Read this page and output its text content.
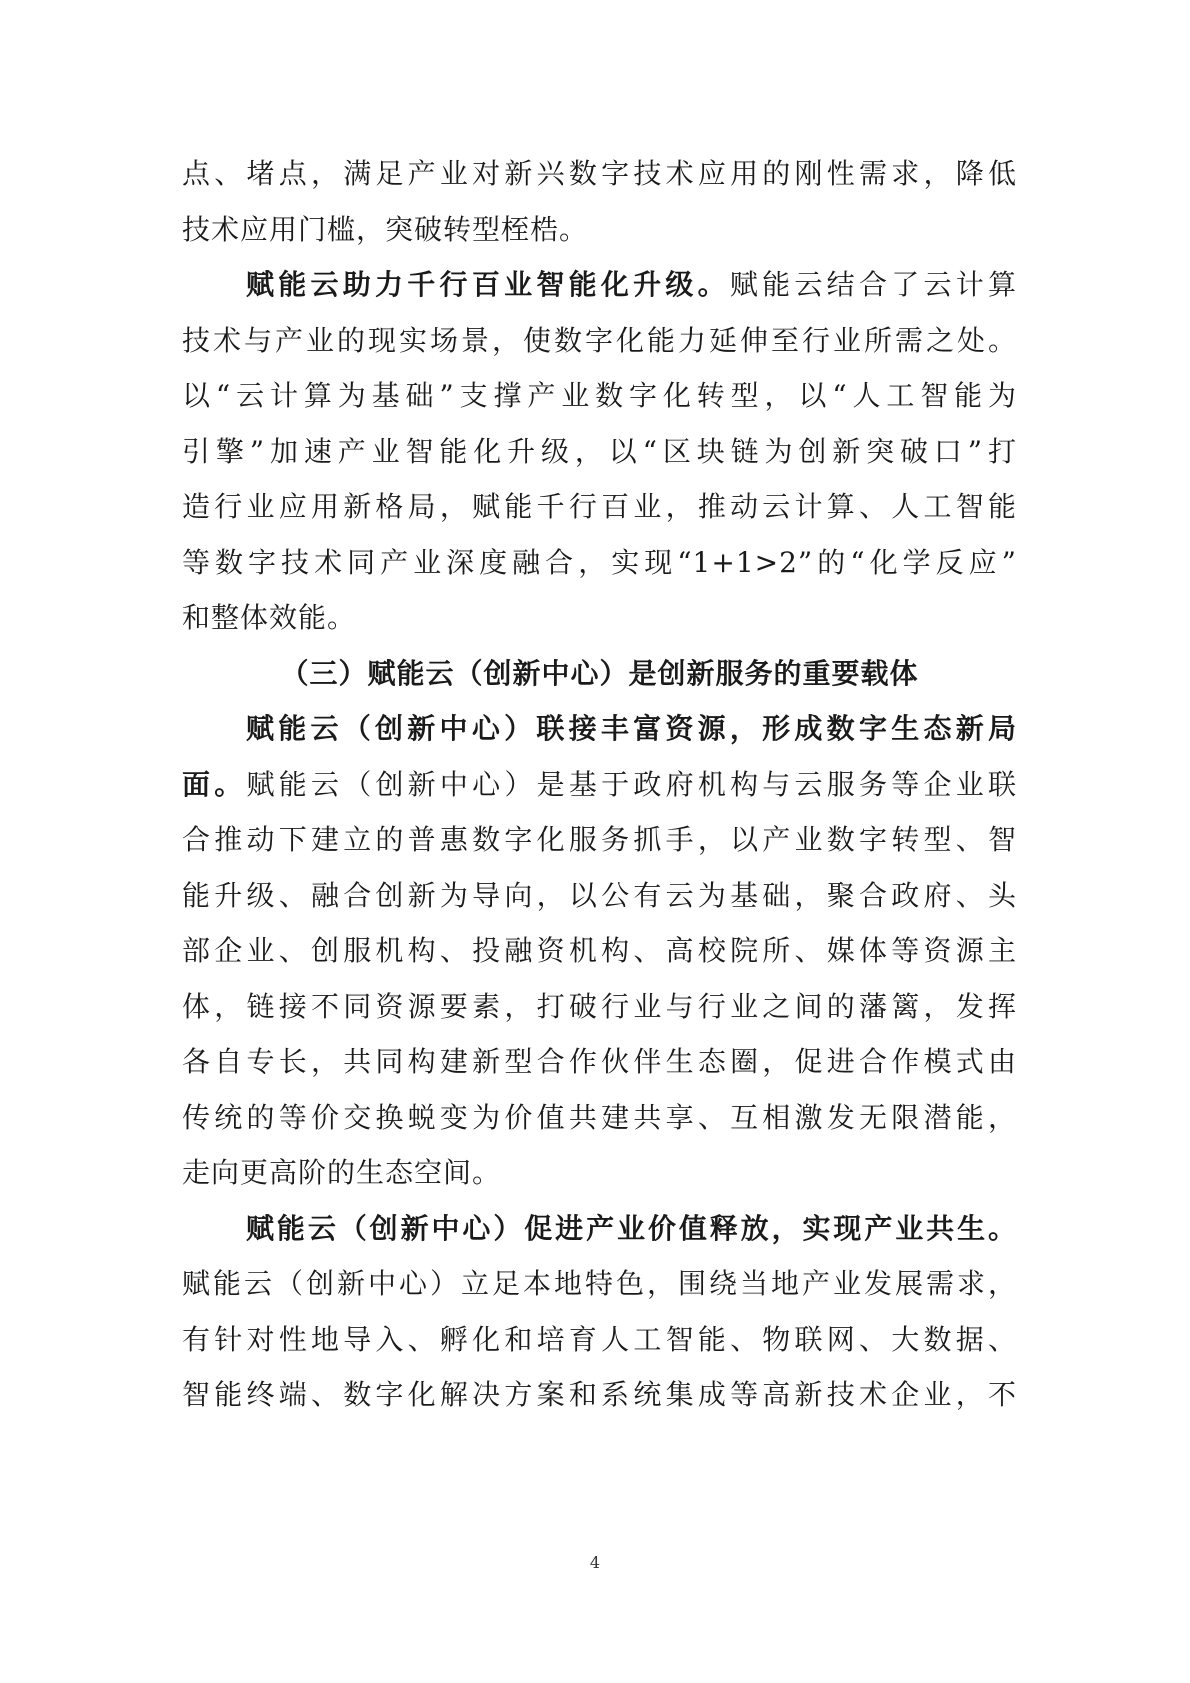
点、堵点，满足产业对新兴数字技术应用的刚性需求，降低
技术应用门槛，突破转型桎梏。
赋能云助力千行百业智能化升级。赋能云结合了云计算
技术与产业的现实场景，使数字化能力延伸至行业所需之处。
以“云计算为基础”支撑产业数字化转型，以“人工智能为
引擎”加速产业智能化升级，以“区块链为创新突破口”打
造行业应用新格局，赋能千行百业，推动云计算、人工智能
等数字技术同产业深度融合，实现“1+1>2”的“化学反应”
和整体效能。
（三）赋能云（创新中心）是创新服务的重要载体
赋能云（创新中心）联接丰富资源，形成数字生态新局
面。赋能云（创新中心）是基于政府机构与云服务等企业联
合推动下建立的普惠数字化服务抓手，以产业数字转型、智
能升级、融合创新为导向，以公有云为基础，聚合政府、头
部企业、创服机构、投融资机构、高校院所、媒体等资源主
体，链接不同资源要素，打破行业与行业之间的藩篱，发挥
各自专长，共同构建新型合作伙伴生态圈，促进合作模式由
传统的等价交换蜕变为价值共建共享、互相激发无限潜能，
走向更高阶的生态空间。
赋能云（创新中心）促进产业价值释放，实现产业共生。
赋能云（创新中心）立足本地特色，围绕当地产业发展需求，
有针对性地导入、孵化和培育人工智能、物联网、大数据、
智能终端、数字化解决方案和系统集成等高新技术企业，不
4
